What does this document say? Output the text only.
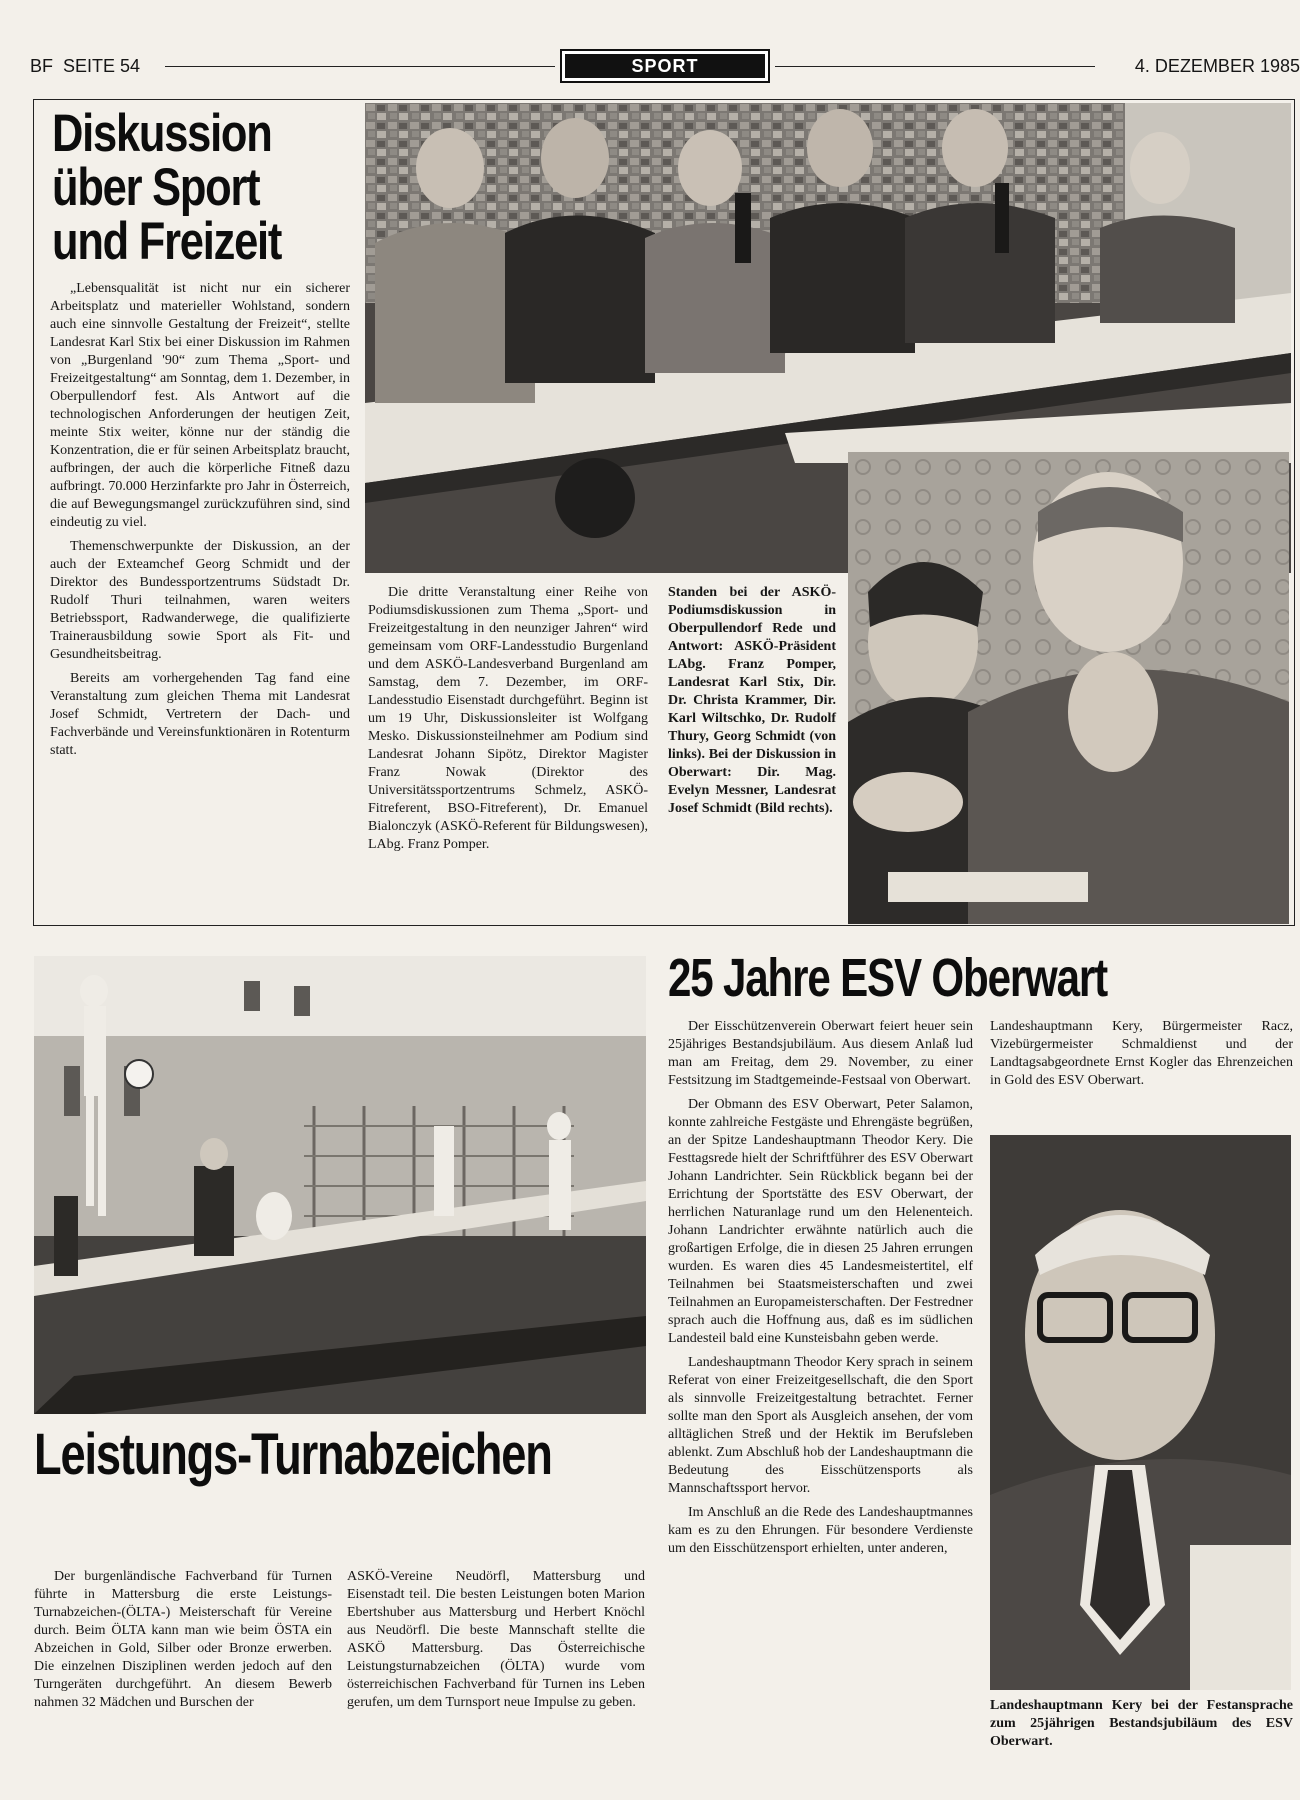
BF  SEITE 54	SPORT	4. DEZEMBER 1985
Diskussion
über Sport
und Freizeit

„Lebensqualität ist nicht nur ein sicherer Arbeitsplatz und materieller Wohlstand, sondern auch eine sinnvolle Gestaltung der Freizeit“, stellte Landesrat Karl Stix bei einer Diskussion im Rahmen von „Burgenland '90“ zum Thema „Sport- und Freizeitgestaltung“ am Sonntag, dem 1. Dezember, in Oberpullendorf fest. Als Antwort auf die technologischen Anforderungen der heutigen Zeit, meinte Stix weiter, könne nur der ständig die Konzentration, die er für seinen Arbeitsplatz braucht, aufbringen, der auch die körperliche Fitneß dazu aufbringt. 70.000 Herzinfarkte pro Jahr in Österreich, die auf Bewegungsmangel zurückzuführen sind, sind eindeutig zu viel.

Themenschwerpunkte der Diskussion, an der auch der Exteamchef Georg Schmidt und der Direktor des Bundessportzentrums Südstadt Dr. Rudolf Thuri teilnahmen, waren weiters Betriebssport, Radwanderwege, die qualifizierte Trainerausbildung sowie Sport als Fit- und Gesundheitsbeitrag.

Bereits am vorhergehenden Tag fand eine Veranstaltung zum gleichen Thema mit Landesrat Josef Schmidt, Vertretern der Dach- und Fachverbände und Vereinsfunktionären in Rotenturm statt.

Die dritte Veranstaltung einer Reihe von Podiumsdiskussionen zum Thema „Sport- und Freizeitgestaltung in den neunziger Jahren“ wird gemeinsam vom ORF-Landesstudio Burgenland und dem ASKÖ-Landesverband Burgenland am Samstag, dem 7. Dezember, im ORF-Landesstudio Eisenstadt durchgeführt. Beginn ist um 19 Uhr, Diskussionsleiter ist Wolfgang Mesko. Diskussionsteilnehmer am Podium sind Landesrat Johann Sipötz, Direktor Magister Franz Nowak (Direktor des Universitätssportzentrums Schmelz, ASKÖ-Fitreferent, BSO-Fitreferent), Dr. Emanuel Bialonczyk (ASKÖ-Referent für Bildungswesen), LAbg. Franz Pomper.
Standen bei der ASKÖ-Podiumsdiskussion in Oberpullendorf Rede und Antwort: ASKÖ-Präsident LAbg. Franz Pomper, Landesrat Karl Stix, Dir. Dr. Christa Krammer, Dir. Karl Wiltschko, Dr. Rudolf Thury, Georg Schmidt (von links). Bei der Diskussion in Oberwart: Dir. Mag. Evelyn Messner, Landesrat Josef Schmidt (Bild rechts).
25 Jahre ESV Oberwart

Der Eisschützenverein Oberwart feiert heuer sein 25jähriges Bestandsjubiläum. Aus diesem Anlaß lud man am Freitag, dem 29. November, zu einer Festsitzung im Stadtgemeinde-Festsaal von Oberwart.

Der Obmann des ESV Oberwart, Peter Salamon, konnte zahlreiche Festgäste und Ehrengäste begrüßen, an der Spitze Landeshauptmann Theodor Kery. Die Festtagsrede hielt der Schriftführer des ESV Oberwart Johann Landrichter. Sein Rückblick begann bei der Errichtung der Sportstätte des ESV Oberwart, der herrlichen Naturanlage rund um den Helenenteich. Johann Landrichter erwähnte natürlich auch die großartigen Erfolge, die in diesen 25 Jahren errungen wurden. Es waren dies 45 Landesmeistertitel, elf Teilnahmen bei Staatsmeisterschaften und zwei Teilnahmen an Europameisterschaften. Der Festredner sprach auch die Hoffnung aus, daß es im südlichen Landesteil bald eine Kunsteisbahn geben werde.

Landeshauptmann Theodor Kery sprach in seinem Referat von einer Freizeitgesellschaft, die den Sport als sinnvolle Freizeitgestaltung betrachtet. Ferner sollte man den Sport als Ausgleich ansehen, der vom alltäglichen Streß und der Hektik im Berufsleben ablenkt. Zum Abschluß hob der Landeshauptmann die Bedeutung des Eisschützensports als Mannschaftssport hervor.

Im Anschluß an die Rede des Landeshauptmannes kam es zu den Ehrungen. Für besondere Verdienste um den Eisschützensport erhielten, unter anderen,

Landeshauptmann Kery, Bürgermeister Racz, Vizebürgermeister Schmaldienst und der Landtagsabgeordnete Ernst Kogler das Ehrenzeichen in Gold des ESV Oberwart.
Landeshauptmann Kery bei der Festansprache zum 25jährigen Bestandsjubiläum des ESV Oberwart.
Leistungs-Turnabzeichen
Der burgenländische Fachverband für Turnen führte in Mattersburg die erste Leistungs-Turnabzeichen-(ÖLTA-) Meisterschaft für Vereine durch. Beim ÖLTA kann man wie beim ÖSTA ein Abzeichen in Gold, Silber oder Bronze erwerben. Die einzelnen Disziplinen werden jedoch auf den Turngeräten durchgeführt. An diesem Bewerb nahmen 32 Mädchen und Burschen der
ASKÖ-Vereine Neudörfl, Mattersburg und Eisenstadt teil. Die besten Leistungen boten Marion Ebertshuber aus Mattersburg und Herbert Knöchl aus Neudörfl. Die beste Mannschaft stellte die ASKÖ Mattersburg. Das Österreichische Leistungsturnabzeichen (ÖLTA) wurde vom österreichischen Fachverband für Turnen ins Leben gerufen, um dem Turnsport neue Impulse zu geben.
